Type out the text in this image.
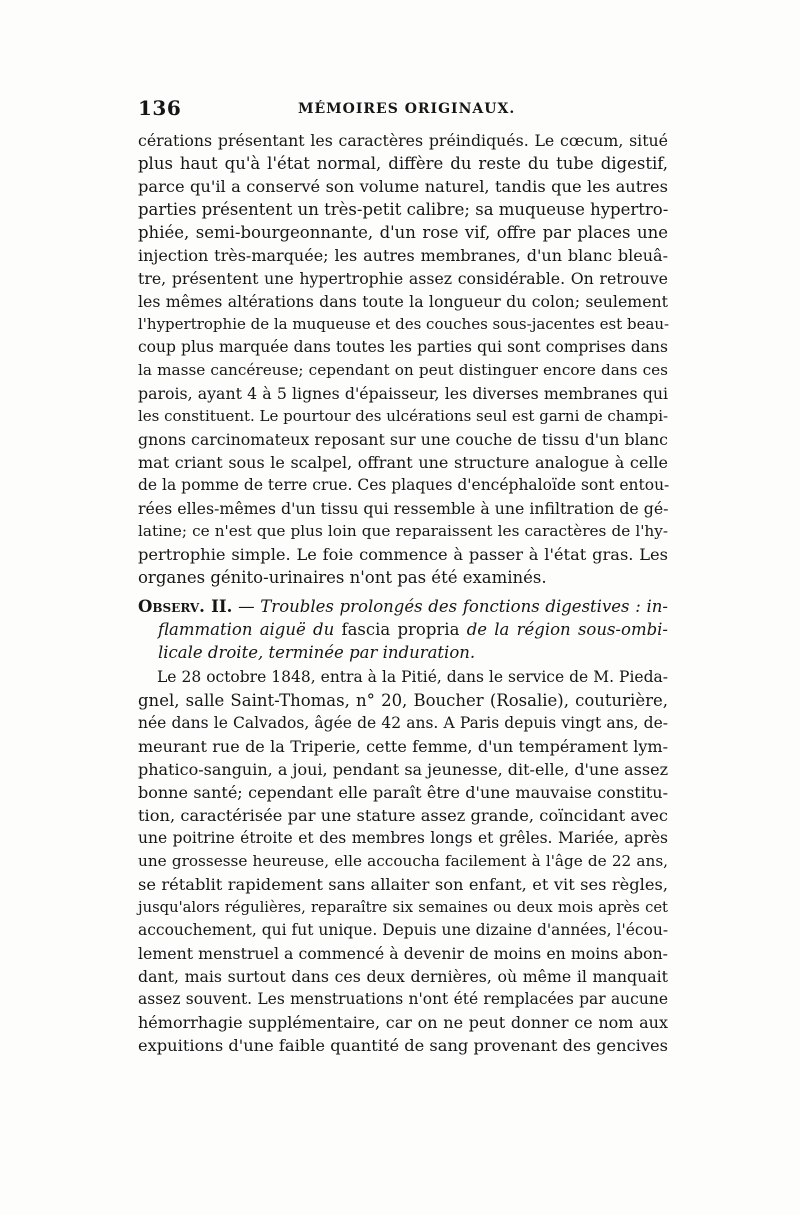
136	MÉMOIRES ORIGINAUX.
cérations présentant les caractères préindiqués. Le cœcum, situé
plus haut qu'à l'état normal, diffère du reste du tube digestif,
parce qu'il a conservé son volume naturel, tandis que les autres
parties présentent un très-petit calibre; sa muqueuse hypertro-
phiée, semi-bourgeonnante, d'un rose vif, offre par places une
injection très-marquée; les autres membranes, d'un blanc bleuâ-
tre, présentent une hypertrophie assez considérable. On retrouve
les mêmes altérations dans toute la longueur du colon; seulement
l'hypertrophie de la muqueuse et des couches sous-jacentes est beau-
coup plus marquée dans toutes les parties qui sont comprises dans
la masse cancéreuse; cependant on peut distinguer encore dans ces
parois, ayant 4 à 5 lignes d'épaisseur, les diverses membranes qui
les constituent. Le pourtour des ulcérations seul est garni de champi-
gnons carcinomateux reposant sur une couche de tissu d'un blanc
mat criant sous le scalpel, offrant une structure analogue à celle
de la pomme de terre crue. Ces plaques d'encéphaloïde sont entou-
rées elles-mêmes d'un tissu qui ressemble à une infiltration de gé-
latine; ce n'est que plus loin que reparaissent les caractères de l'hy-
pertrophie simple. Le foie commence à passer à l'état gras. Les
organes génito-urinaires n'ont pas été examinés.
Observ. II. — Troubles prolongés des fonctions digestives : in-
flammation aiguë du fascia propria de la région sous-ombi-
licale droite, terminée par induration.
Le 28 octobre 1848, entra à la Pitié, dans le service de M. Pieda-
gnel, salle Saint-Thomas, n° 20, Boucher (Rosalie), couturière,
née dans le Calvados, âgée de 42 ans. A Paris depuis vingt ans, de-
meurant rue de la Triperie, cette femme, d'un tempérament lym-
phatico-sanguin, a joui, pendant sa jeunesse, dit-elle, d'une assez
bonne santé; cependant elle paraît être d'une mauvaise constitu-
tion, caractérisée par une stature assez grande, coïncidant avec
une poitrine étroite et des membres longs et grêles. Mariée, après
une grossesse heureuse, elle accoucha facilement à l'âge de 22 ans,
se rétablit rapidement sans allaiter son enfant, et vit ses règles,
jusqu'alors régulières, reparaître six semaines ou deux mois après cet
accouchement, qui fut unique. Depuis une dizaine d'années, l'écou-
lement menstruel a commencé à devenir de moins en moins abon-
dant, mais surtout dans ces deux dernières, où même il manquait
assez souvent. Les menstruations n'ont été remplacées par aucune
hémorrhagie supplémentaire, car on ne peut donner ce nom aux
expuitions d'une faible quantité de sang provenant des gencives
